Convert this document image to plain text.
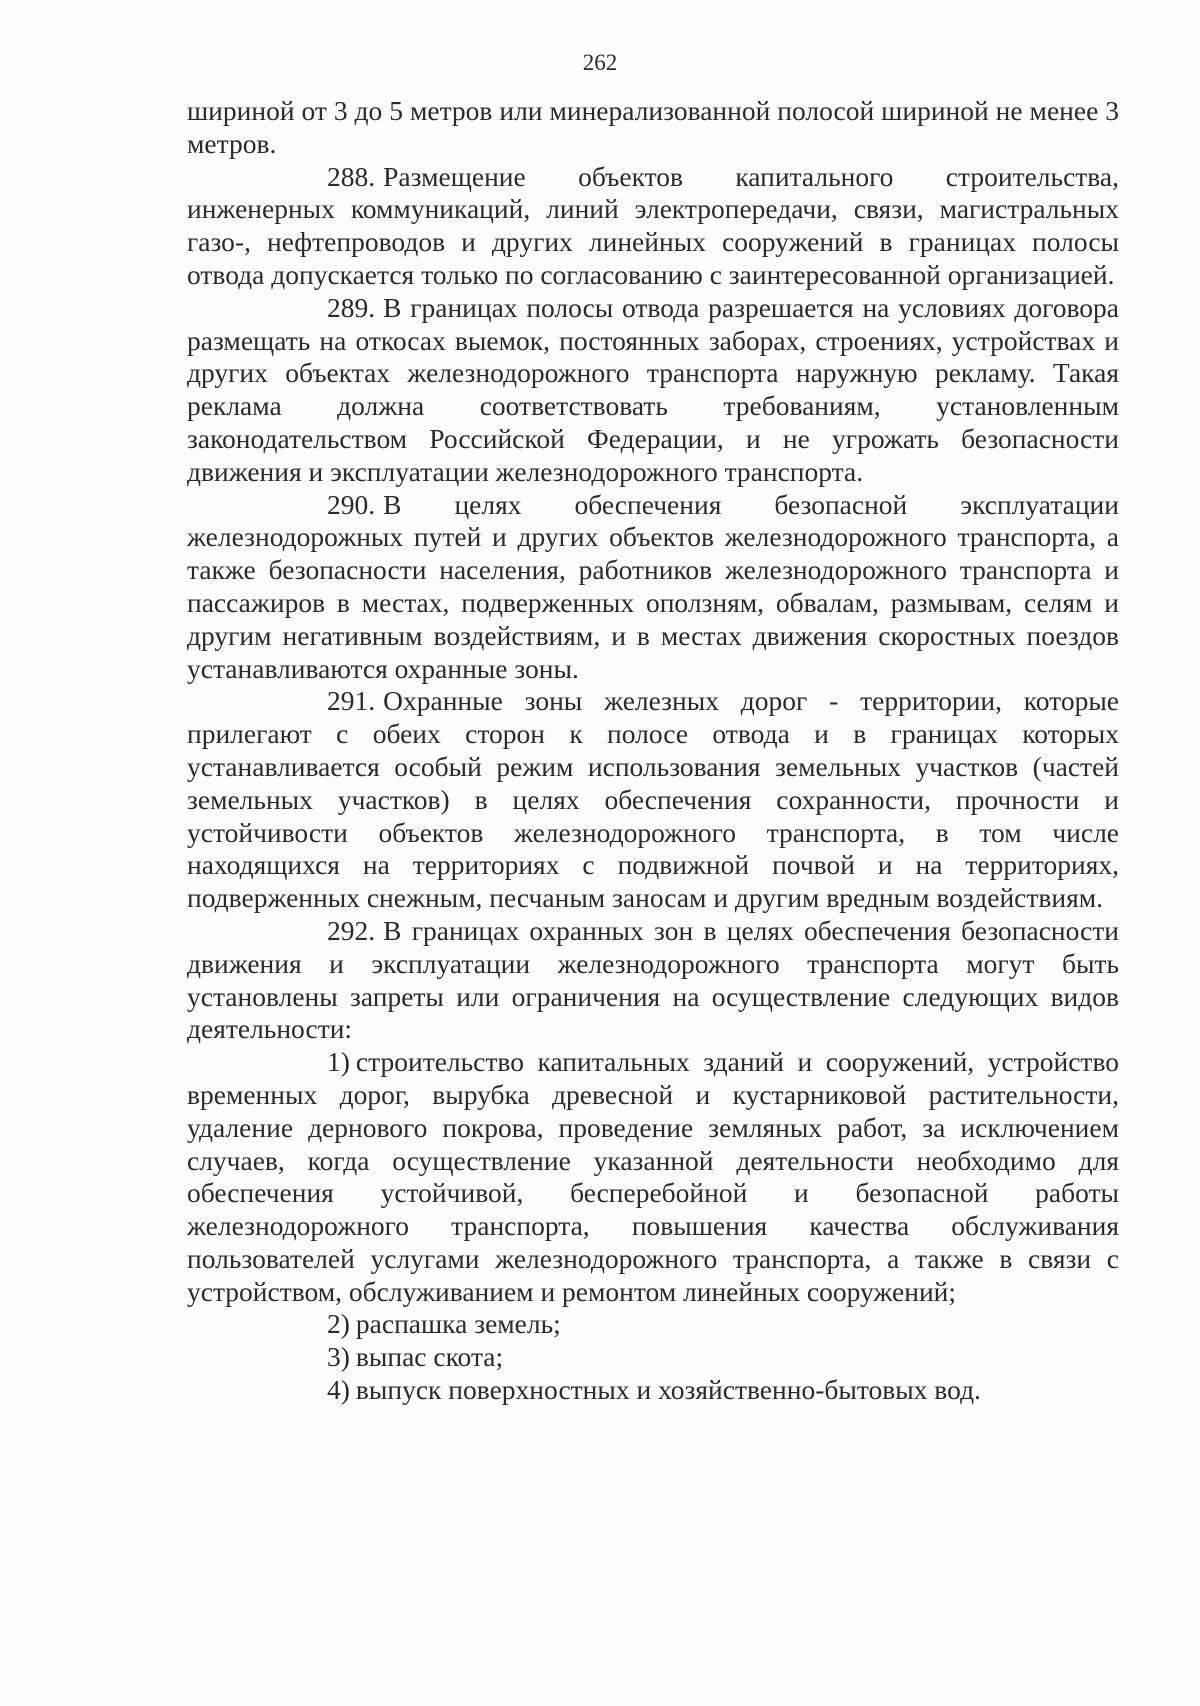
262

шириной от 3 до 5 метров или минерализованной полосой шириной не менее 3 метров.

288. Размещение объектов капитального строительства, инженерных коммуникаций, линий электропередачи, связи, магистральных газо-, нефтепроводов и других линейных сооружений в границах полосы отвода допускается только по согласованию с заинтересованной организацией.

289. В границах полосы отвода разрешается на условиях договора размещать на откосах выемок, постоянных заборах, строениях, устройствах и других объектах железнодорожного транспорта наружную рекламу. Такая реклама должна соответствовать требованиям, установленным законодательством Российской Федерации, и не угрожать безопасности движения и эксплуатации железнодорожного транспорта.

290. В целях обеспечения безопасной эксплуатации железнодорожных путей и других объектов железнодорожного транспорта, а также безопасности населения, работников железнодорожного транспорта и пассажиров в местах, подверженных оползням, обвалам, размывам, селям и другим негативным воздействиям, и в местах движения скоростных поездов устанавливаются охранные зоны.

291. Охранные зоны железных дорог - территории, которые прилегают с обеих сторон к полосе отвода и в границах которых устанавливается особый режим использования земельных участков (частей земельных участков) в целях обеспечения сохранности, прочности и устойчивости объектов железнодорожного транспорта, в том числе находящихся на территориях с подвижной почвой и на территориях, подверженных снежным, песчаным заносам и другим вредным воздействиям.

292. В границах охранных зон в целях обеспечения безопасности движения и эксплуатации железнодорожного транспорта могут быть установлены запреты или ограничения на осуществление следующих видов деятельности:

1) строительство капитальных зданий и сооружений, устройство временных дорог, вырубка древесной и кустарниковой растительности, удаление дернового покрова, проведение земляных работ, за исключением случаев, когда осуществление указанной деятельности необходимо для обеспечения устойчивой, бесперебойной и безопасной работы железнодорожного транспорта, повышения качества обслуживания пользователей услугами железнодорожного транспорта, а также в связи с устройством, обслуживанием и ремонтом линейных сооружений;

2) распашка земель;

3) выпас скота;

4) выпуск поверхностных и хозяйственно-бытовых вод.
